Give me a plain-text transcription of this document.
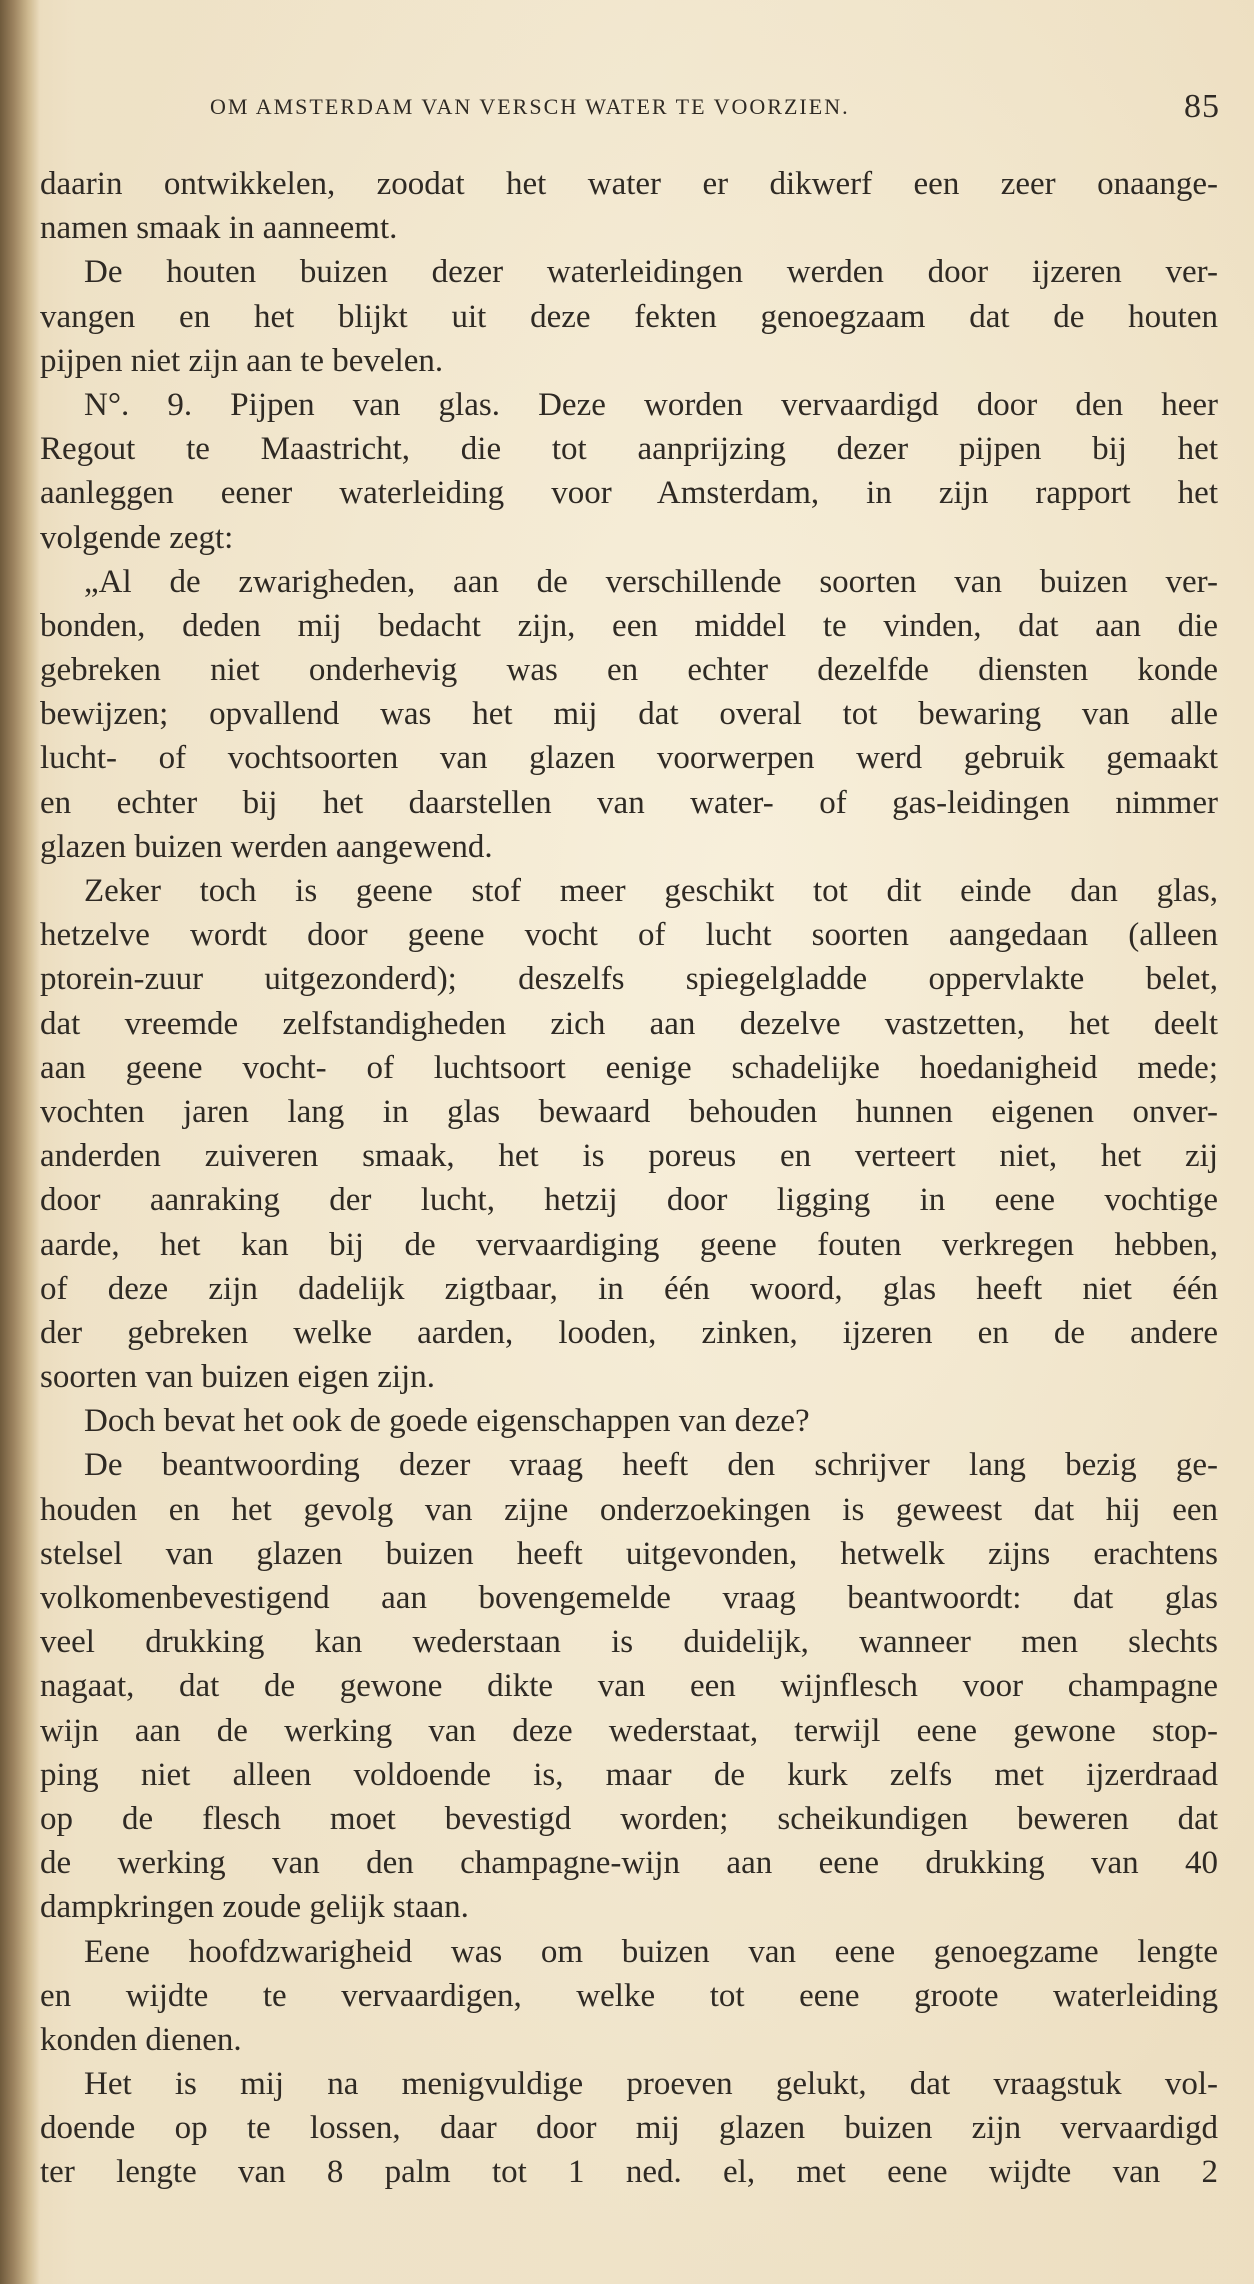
OM AMSTERDAM VAN VERSCH WATER TE VOORZIEN.	85
daarin ontwikkelen, zoodat het water er dikwerf een zeer onaange-
namen smaak in aanneemt.
De houten buizen dezer waterleidingen werden door ijzeren ver-
vangen en het blijkt uit deze fekten genoegzaam dat de houten
pijpen niet zijn aan te bevelen.
N°. 9. Pijpen van glas. Deze worden vervaardigd door den heer
Regout te Maastricht, die tot aanprijzing dezer pijpen bij het
aanleggen eener waterleiding voor Amsterdam, in zijn rapport het
volgende zegt:
„Al de zwarigheden, aan de verschillende soorten van buizen ver-
bonden, deden mij bedacht zijn, een middel te vinden, dat aan die
gebreken niet onderhevig was en echter dezelfde diensten konde
bewijzen; opvallend was het mij dat overal tot bewaring van alle
lucht- of vochtsoorten van glazen voorwerpen werd gebruik gemaakt
en echter bij het daarstellen van water- of gas-leidingen nimmer
glazen buizen werden aangewend.
Zeker toch is geene stof meer geschikt tot dit einde dan glas,
hetzelve wordt door geene vocht of lucht soorten aangedaan (alleen
ptorein-zuur uitgezonderd); deszelfs spiegelgladde oppervlakte belet,
dat vreemde zelfstandigheden zich aan dezelve vastzetten, het deelt
aan geene vocht- of luchtsoort eenige schadelijke hoedanigheid mede;
vochten jaren lang in glas bewaard behouden hunnen eigenen onver-
anderden zuiveren smaak, het is poreus en verteert niet, het zij
door aanraking der lucht, hetzij door ligging in eene vochtige
aarde, het kan bij de vervaardiging geene fouten verkregen hebben,
of deze zijn dadelijk zigtbaar, in één woord, glas heeft niet één
der gebreken welke aarden, looden, zinken, ijzeren en de andere
soorten van buizen eigen zijn.
Doch bevat het ook de goede eigenschappen van deze?
De beantwoording dezer vraag heeft den schrijver lang bezig ge-
houden en het gevolg van zijne onderzoekingen is geweest dat hij een
stelsel van glazen buizen heeft uitgevonden, hetwelk zijns erachtens
volkomenbevestigend aan bovengemelde vraag beantwoordt: dat glas
veel drukking kan wederstaan is duidelijk, wanneer men slechts
nagaat, dat de gewone dikte van een wijnflesch voor champagne
wijn aan de werking van deze wederstaat, terwijl eene gewone stop-
ping niet alleen voldoende is, maar de kurk zelfs met ijzerdraad
op de flesch moet bevestigd worden; scheikundigen beweren dat
de werking van den champagne-wijn aan eene drukking van 40
dampkringen zoude gelijk staan.
Eene hoofdzwarigheid was om buizen van eene genoegzame lengte
en wijdte te vervaardigen, welke tot eene groote waterleiding
konden dienen.
Het is mij na menigvuldige proeven gelukt, dat vraagstuk vol-
doende op te lossen, daar door mij glazen buizen zijn vervaardigd
ter lengte van 8 palm tot 1 ned. el, met eene wijdte van 2
